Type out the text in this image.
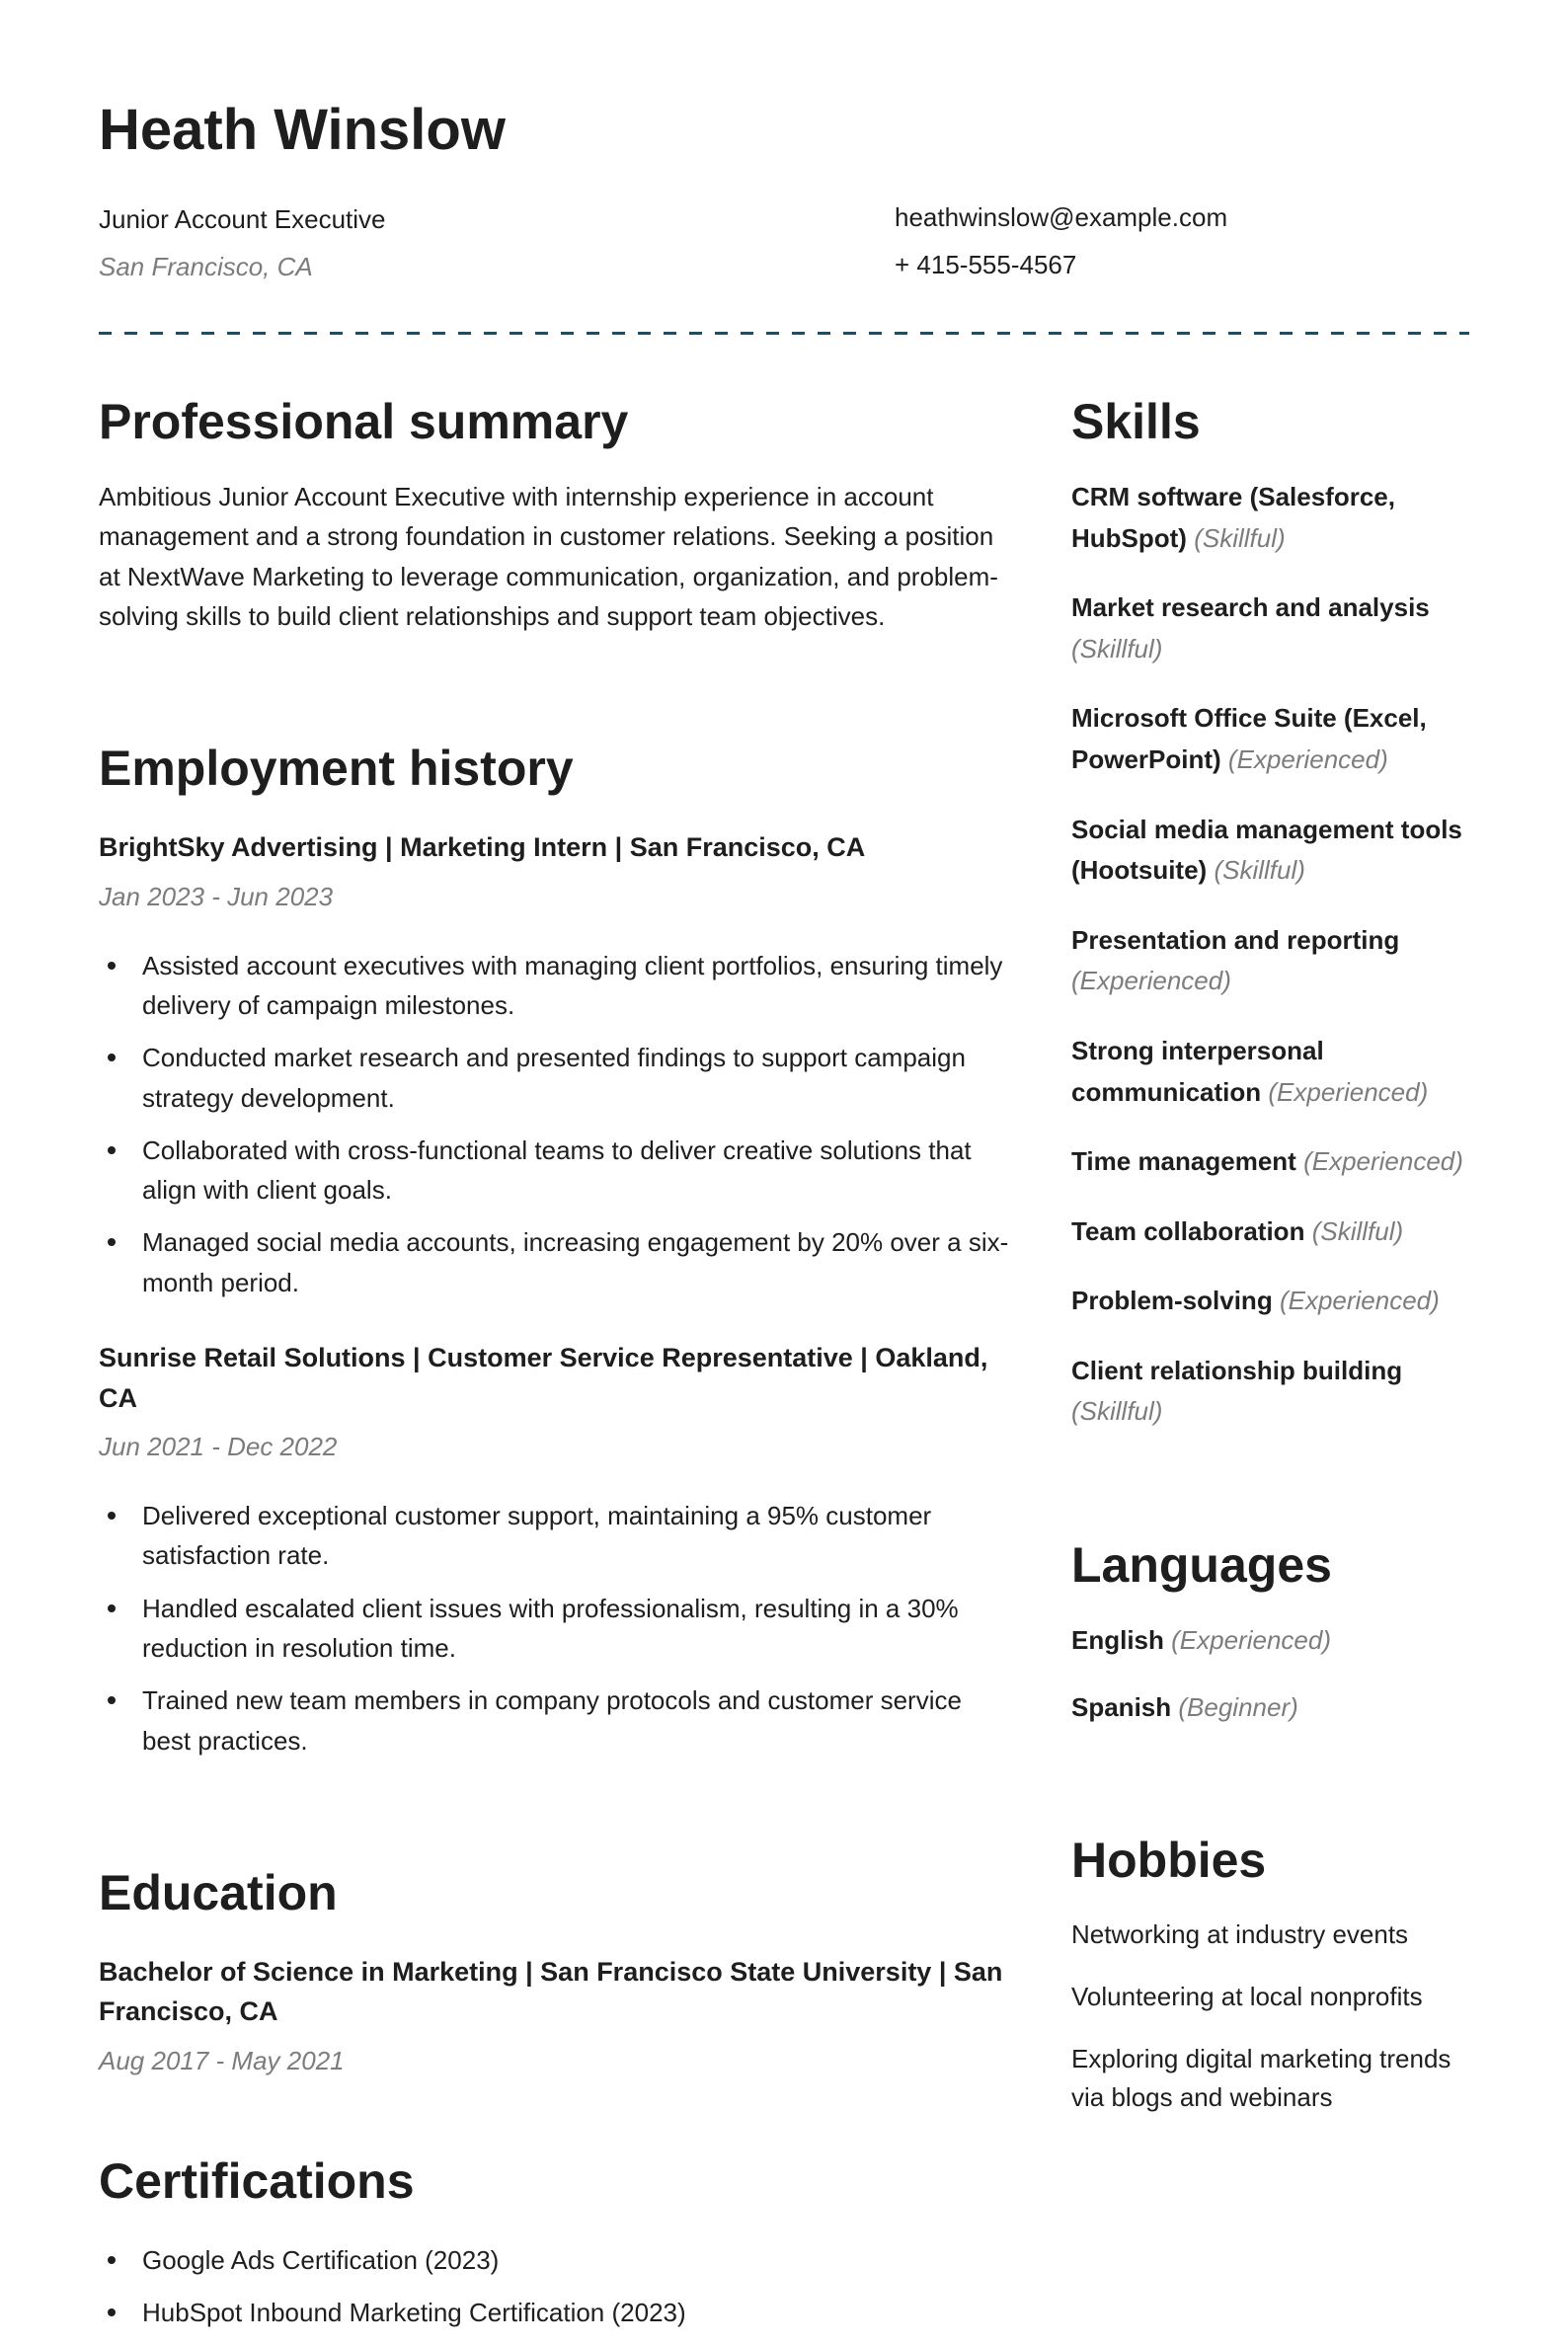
Heath Winslow
Junior Account Executive
San Francisco, CA
heathwinslow@example.com
+ 415-555-4567
Professional summary

Ambitious Junior Account Executive with internship experience in account management and a strong foundation in customer relations. Seeking a position at NextWave Marketing to leverage communication, organization, and problem-solving skills to build client relationships and support team objectives.

Employment history
BrightSky Advertising | Marketing Intern | San Francisco, CA
Jan 2023 - Jun 2023
Assisted account executives with managing client portfolios, ensuring timely delivery of campaign milestones.
Conducted market research and presented findings to support campaign strategy development.
Collaborated with cross-functional teams to deliver creative solutions that align with client goals.
Managed social media accounts, increasing engagement by 20% over a six-month period.
Sunrise Retail Solutions | Customer Service Representative | Oakland, CA
Jun 2021 - Dec 2022
Delivered exceptional customer support, maintaining a 95% customer satisfaction rate.
Handled escalated client issues with professionalism, resulting in a 30% reduction in resolution time.
Trained new team members in company protocols and customer service best practices.
Education
Bachelor of Science in Marketing | San Francisco State University | San Francisco, CA
Aug 2017 - May 2021
Certifications
Google Ads Certification (2023)
HubSpot Inbound Marketing Certification (2023)
Skills
CRM software (Salesforce, HubSpot) (Skillful)
Market research and analysis (Skillful)
Microsoft Office Suite (Excel, PowerPoint) (Experienced)
Social media management tools (Hootsuite) (Skillful)
Presentation and reporting (Experienced)
Strong interpersonal communication (Experienced)
Time management (Experienced)
Team collaboration (Skillful)
Problem-solving (Experienced)
Client relationship building (Skillful)
Languages
English (Experienced)
Spanish (Beginner)
Hobbies
Networking at industry events
Volunteering at local nonprofits
Exploring digital marketing trends via blogs and webinars
